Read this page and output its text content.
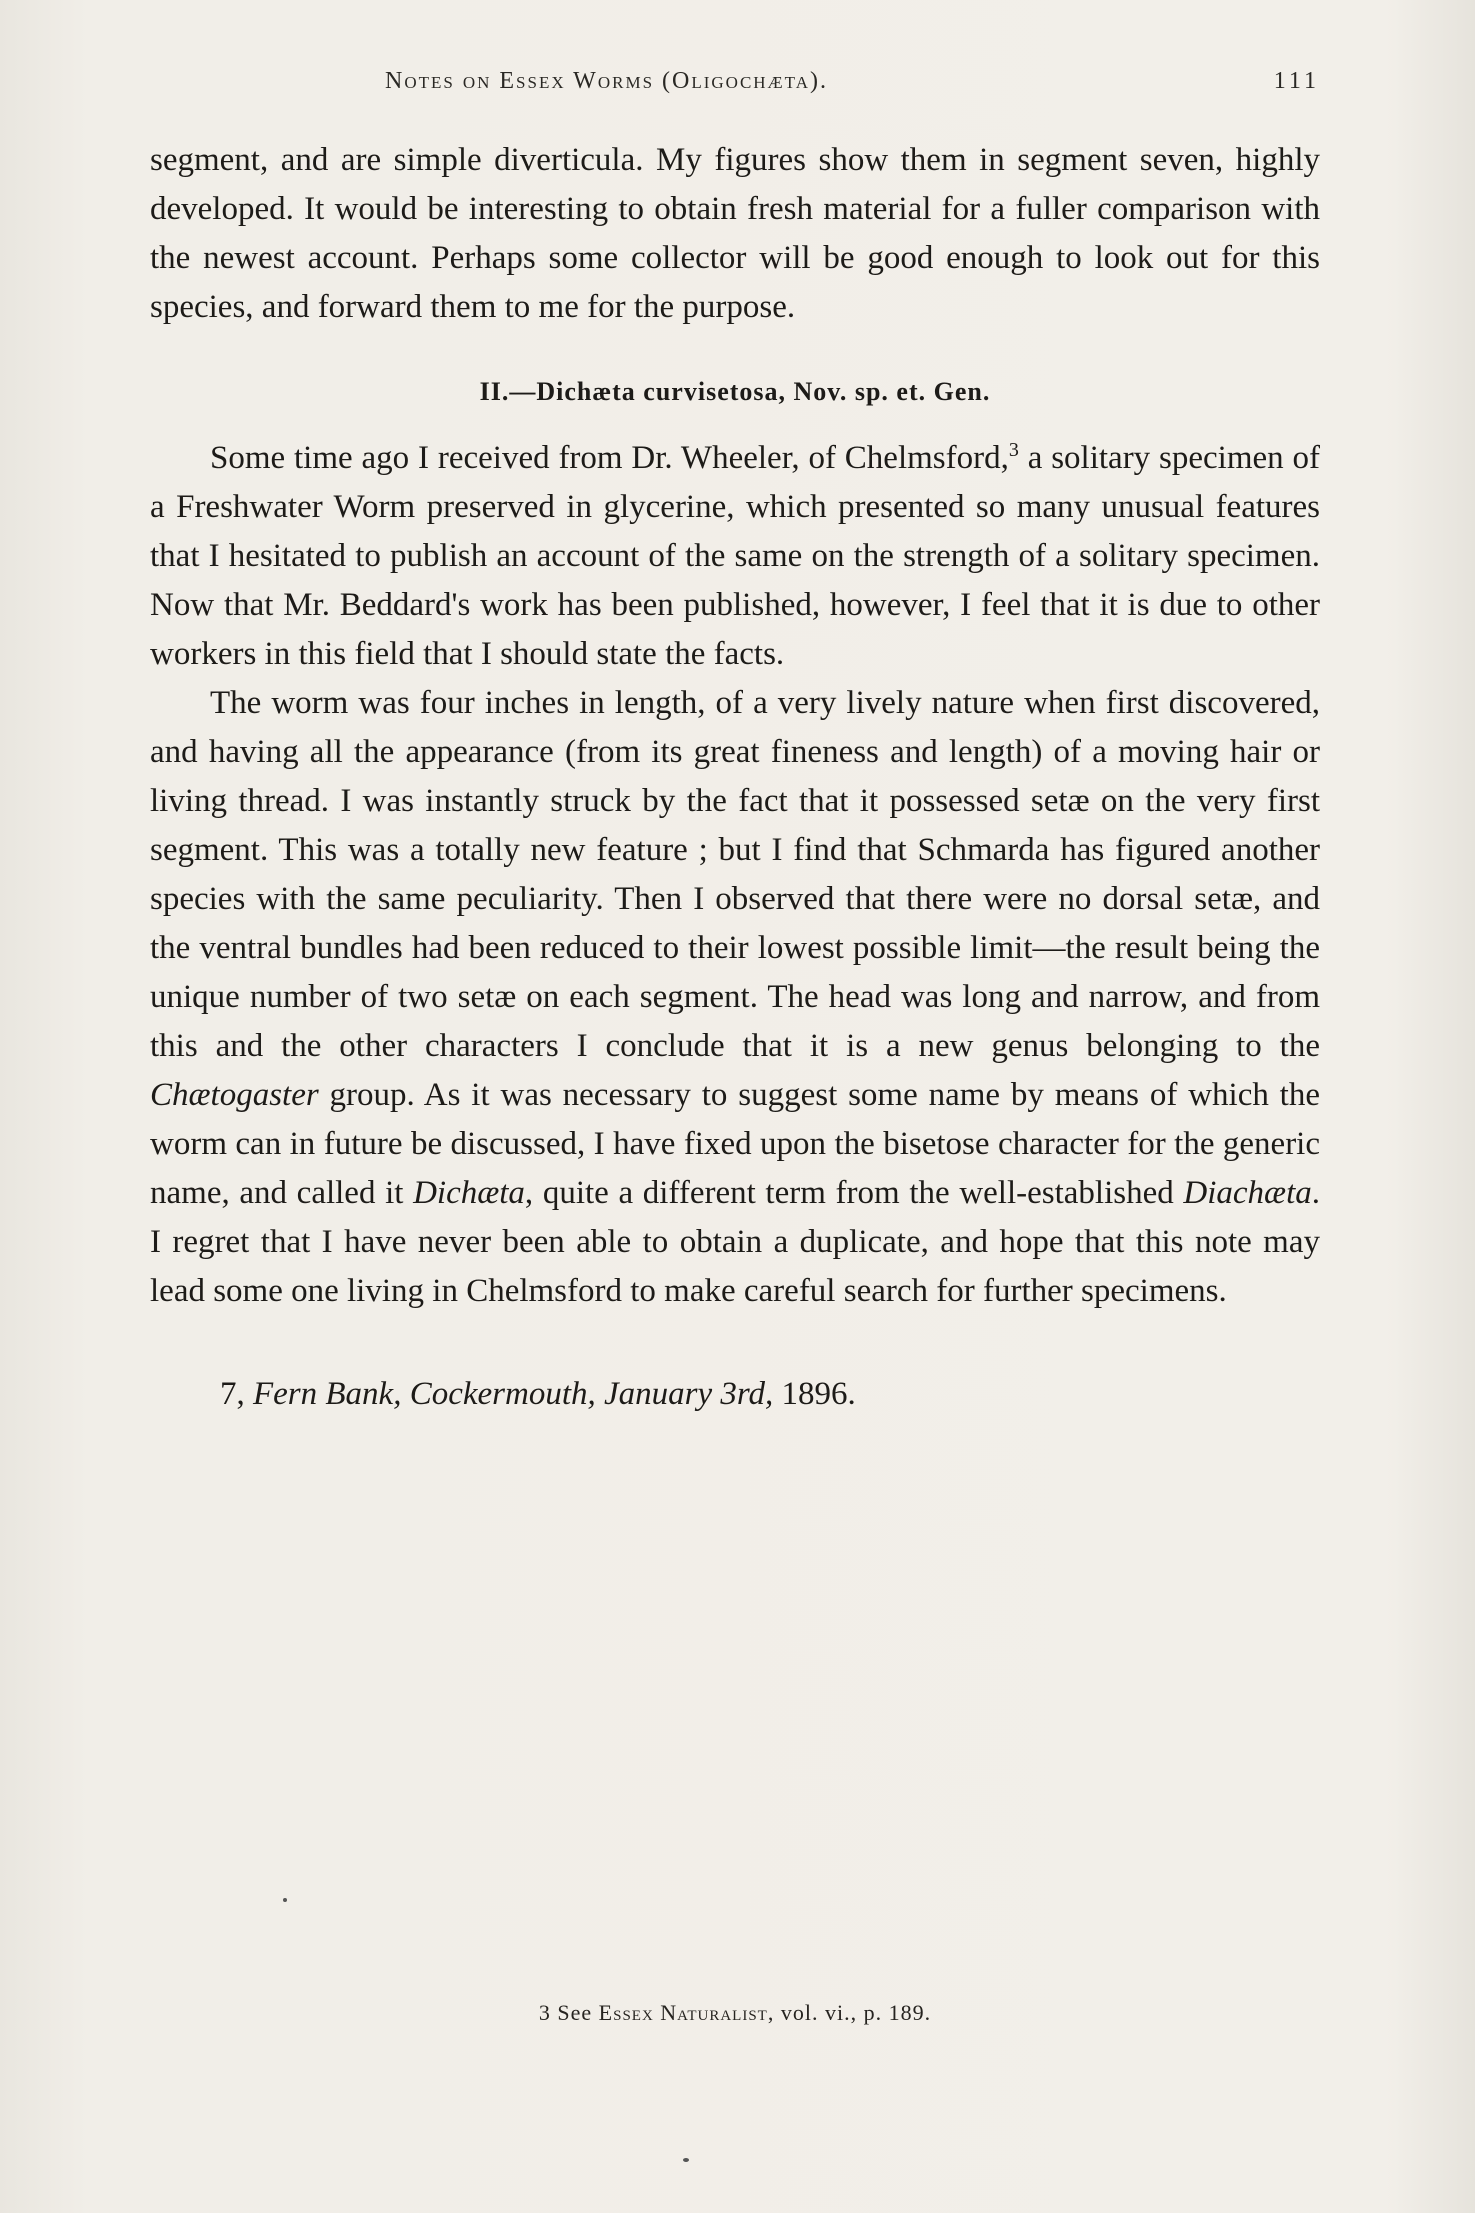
Notes on Essex Worms (Oligochæta).	111

segment, and are simple diverticula. My figures show them in segment seven, highly developed. It would be interesting to obtain fresh material for a fuller comparison with the newest account. Perhaps some collector will be good enough to look out for this species, and forward them to me for the purpose.

II.—Dichæta curvisetosa, Nov. sp. et. Gen.

Some time ago I received from Dr. Wheeler, of Chelmsford,$^3$ a solitary specimen of a Freshwater Worm preserved in glycerine, which presented so many unusual features that I hesitated to publish an account of the same on the strength of a solitary specimen. Now that Mr. Beddard's work has been published, however, I feel that it is due to other workers in this field that I should state the facts.

The worm was four inches in length, of a very lively nature when first discovered, and having all the appearance (from its great fineness and length) of a moving hair or living thread. I was instantly struck by the fact that it possessed setæ on the very first segment. This was a totally new feature ; but I find that Schmarda has figured another species with the same peculiarity. Then I observed that there were no dorsal setæ, and the ventral bundles had been reduced to their lowest possible limit—the result being the unique number of two setæ on each segment. The head was long and narrow, and from this and the other characters I conclude that it is a new genus belonging to the Chætogaster group. As it was necessary to suggest some name by means of which the worm can in future be discussed, I have fixed upon the bisetose character for the generic name, and called it Dichæta, quite a different term from the well-established Diachæta. I regret that I have never been able to obtain a duplicate, and hope that this note may lead some one living in Chelmsford to make careful search for further specimens.

7, Fern Bank, Cockermouth, January 3rd, 1896.
3 See Essex Naturalist, vol. vi., p. 189.
